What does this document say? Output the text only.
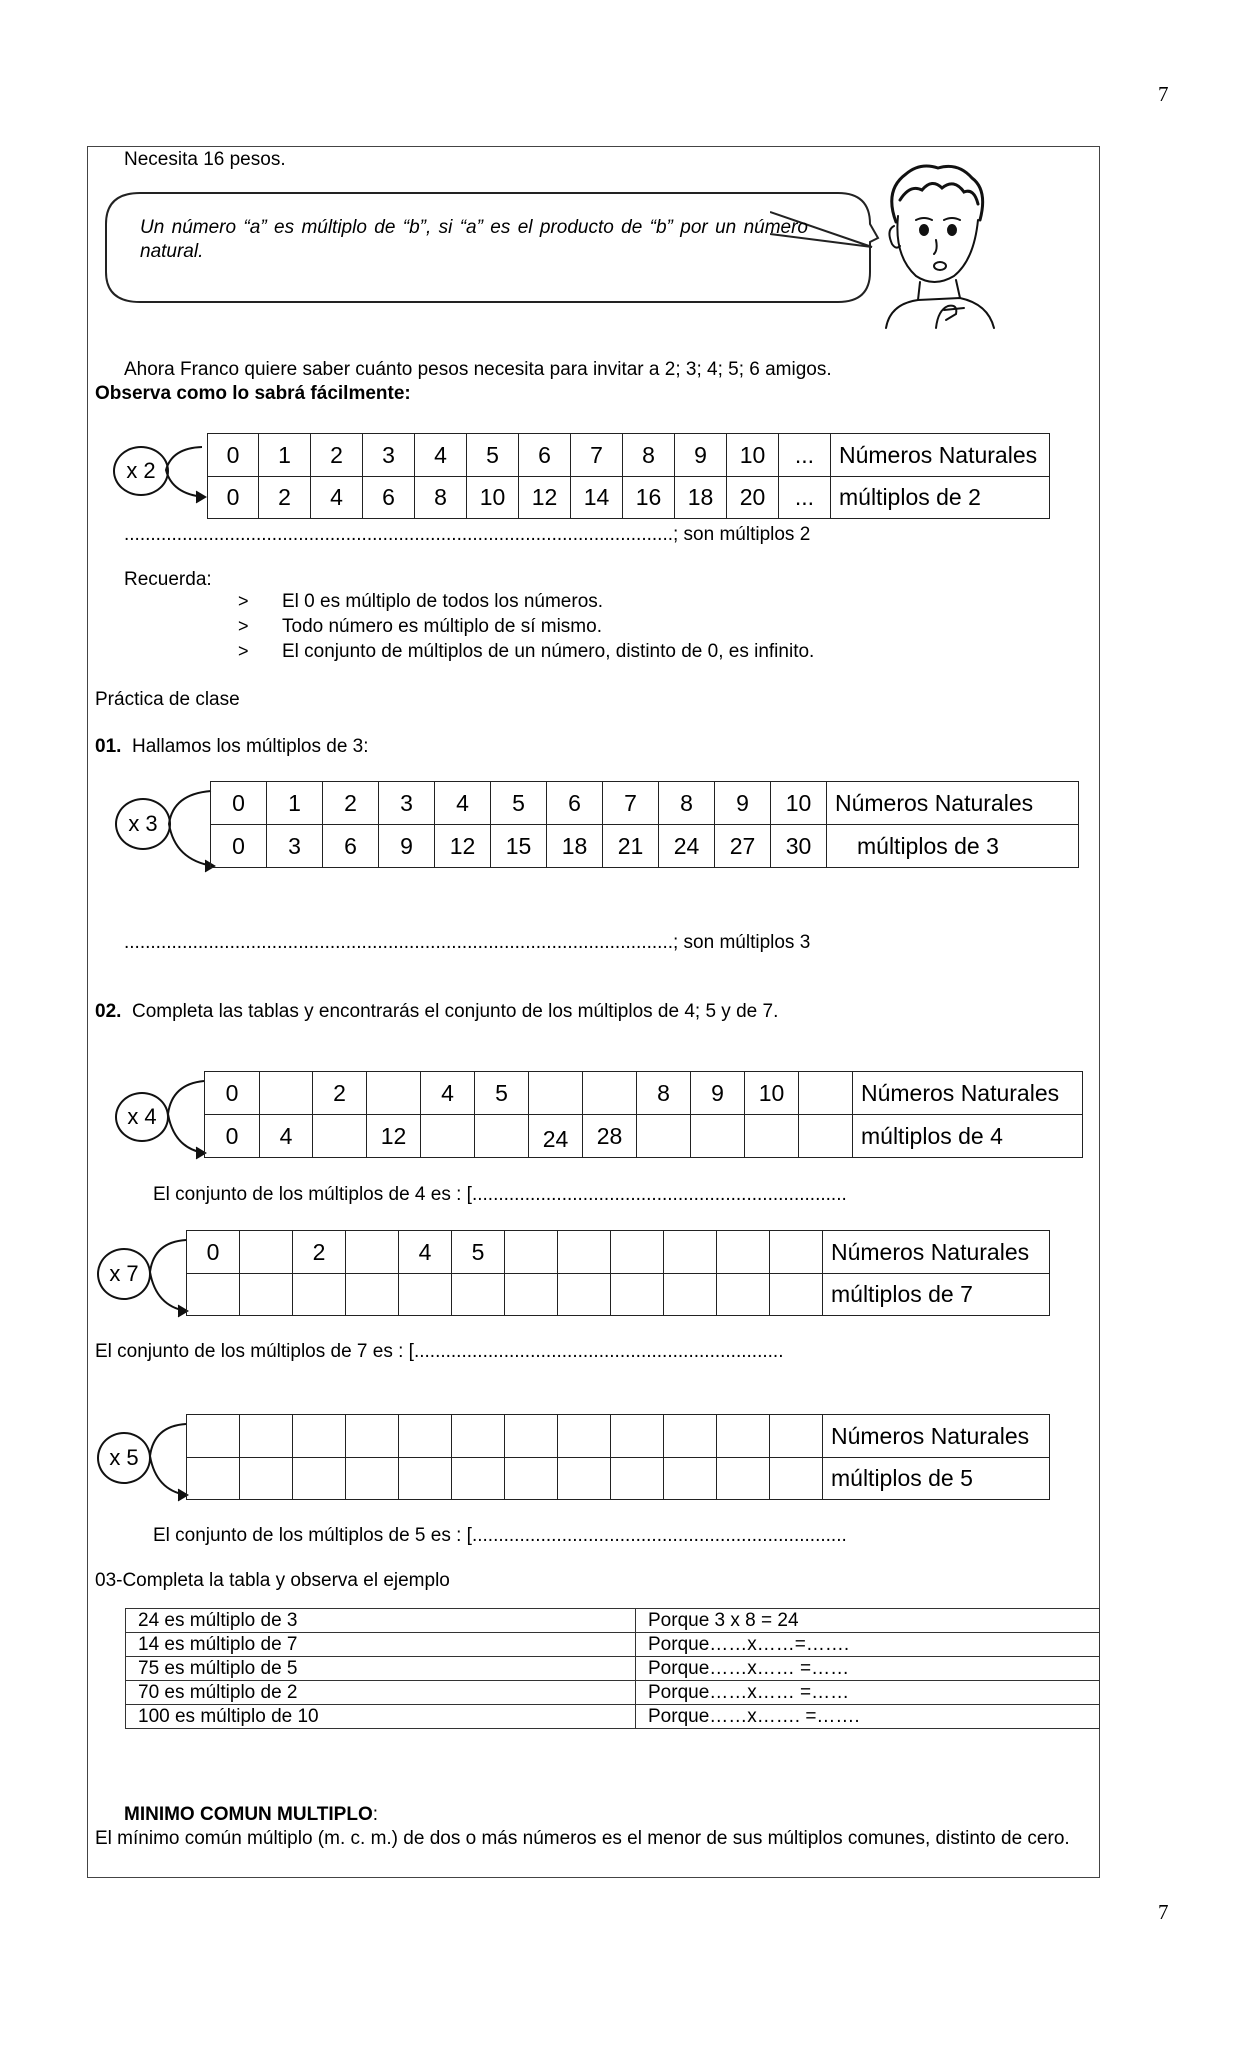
7
7
Necesita 16 pesos.
Un número “a” es múltiplo de “b”, si “a” es el producto de “b” por un número natural.
Ahora Franco quiere saber cuánto pesos necesita para invitar a 2; 3; 4; 5; 6 amigos.
Observa como lo sabrá fácilmente:
x 2
0	1	2	3	4	5	6	7	8	9	10	...	Números Naturales
0	2	4	6	8	10	12	14	16	18	20	...	múltiplos de 2
........................................................................................................; son múltiplos 2
Recuerda:
> El 0 es múltiplo de todos los números.
> Todo número es múltiplo de sí mismo.
> El conjunto de múltiplos de un número, distinto de 0, es infinito.
Práctica de clase
01. Hallamos los múltiplos de 3:
x 3
0	1	2	3	4	5	6	7	8	9	10	Números Naturales
0	3	6	9	12	15	18	21	24	27	30	múltiplos de 3
........................................................................................................; son múltiplos 3
02. Completa las tablas y encontrarás el conjunto de los múltiplos de 4; 5 y de 7.
x 4
0		2		4	5			8	9	10		Números Naturales
0	4		12			24	28					múltiplos de 4
El conjunto de los múltiplos de 4 es : [.......................................................................
x 7
0		2		4	5							Números Naturales
												múltiplos de 7
El conjunto de los múltiplos de 7 es : [......................................................................
x 5
												Números Naturales
												múltiplos de 5
El conjunto de los múltiplos de 5 es : [.......................................................................
03-Completa la tabla y observa el ejemplo
24 es múltiplo de 3	Porque 3 x 8 = 24
14 es múltiplo de 7	Porque……x……=…….
75 es múltiplo de 5	Porque……x…… =……
70 es múltiplo de 2	Porque……x…… =……
100 es múltiplo de 10	Porque……x……. =…….
MINIMO COMUN MULTIPLO:
El mínimo común múltiplo (m. c. m.) de dos o más números es el menor de sus múltiplos comunes, distinto de cero.
